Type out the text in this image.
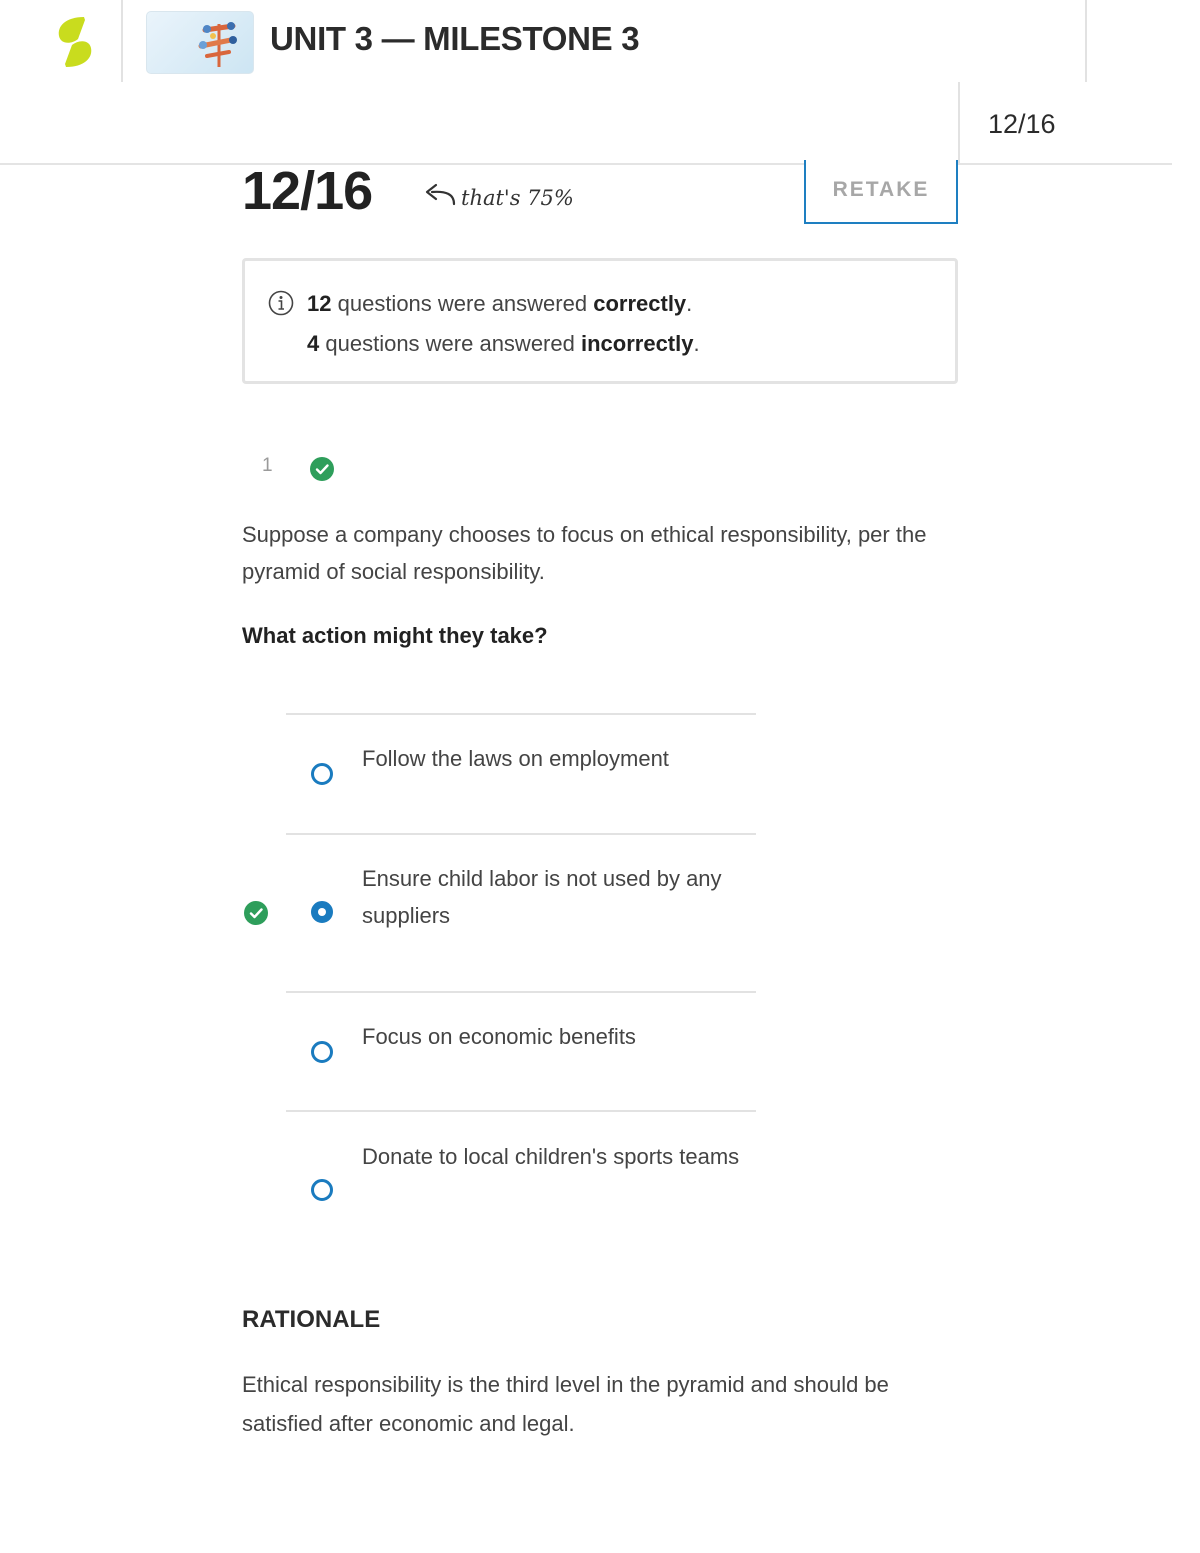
UNIT 3 — MILESTONE 3
12/16
12/16	that's 75%	RETAKE
12 questions were answered correctly.
4 questions were answered incorrectly.
1
Suppose a company chooses to focus on ethical responsibility, per the pyramid of social responsibility.
What action might they take?
Follow the laws on employment
Ensure child labor is not used by any suppliers
Focus on economic benefits
Donate to local children's sports teams
RATIONALE
Ethical responsibility is the third level in the pyramid and should be satisfied after economic and legal.
